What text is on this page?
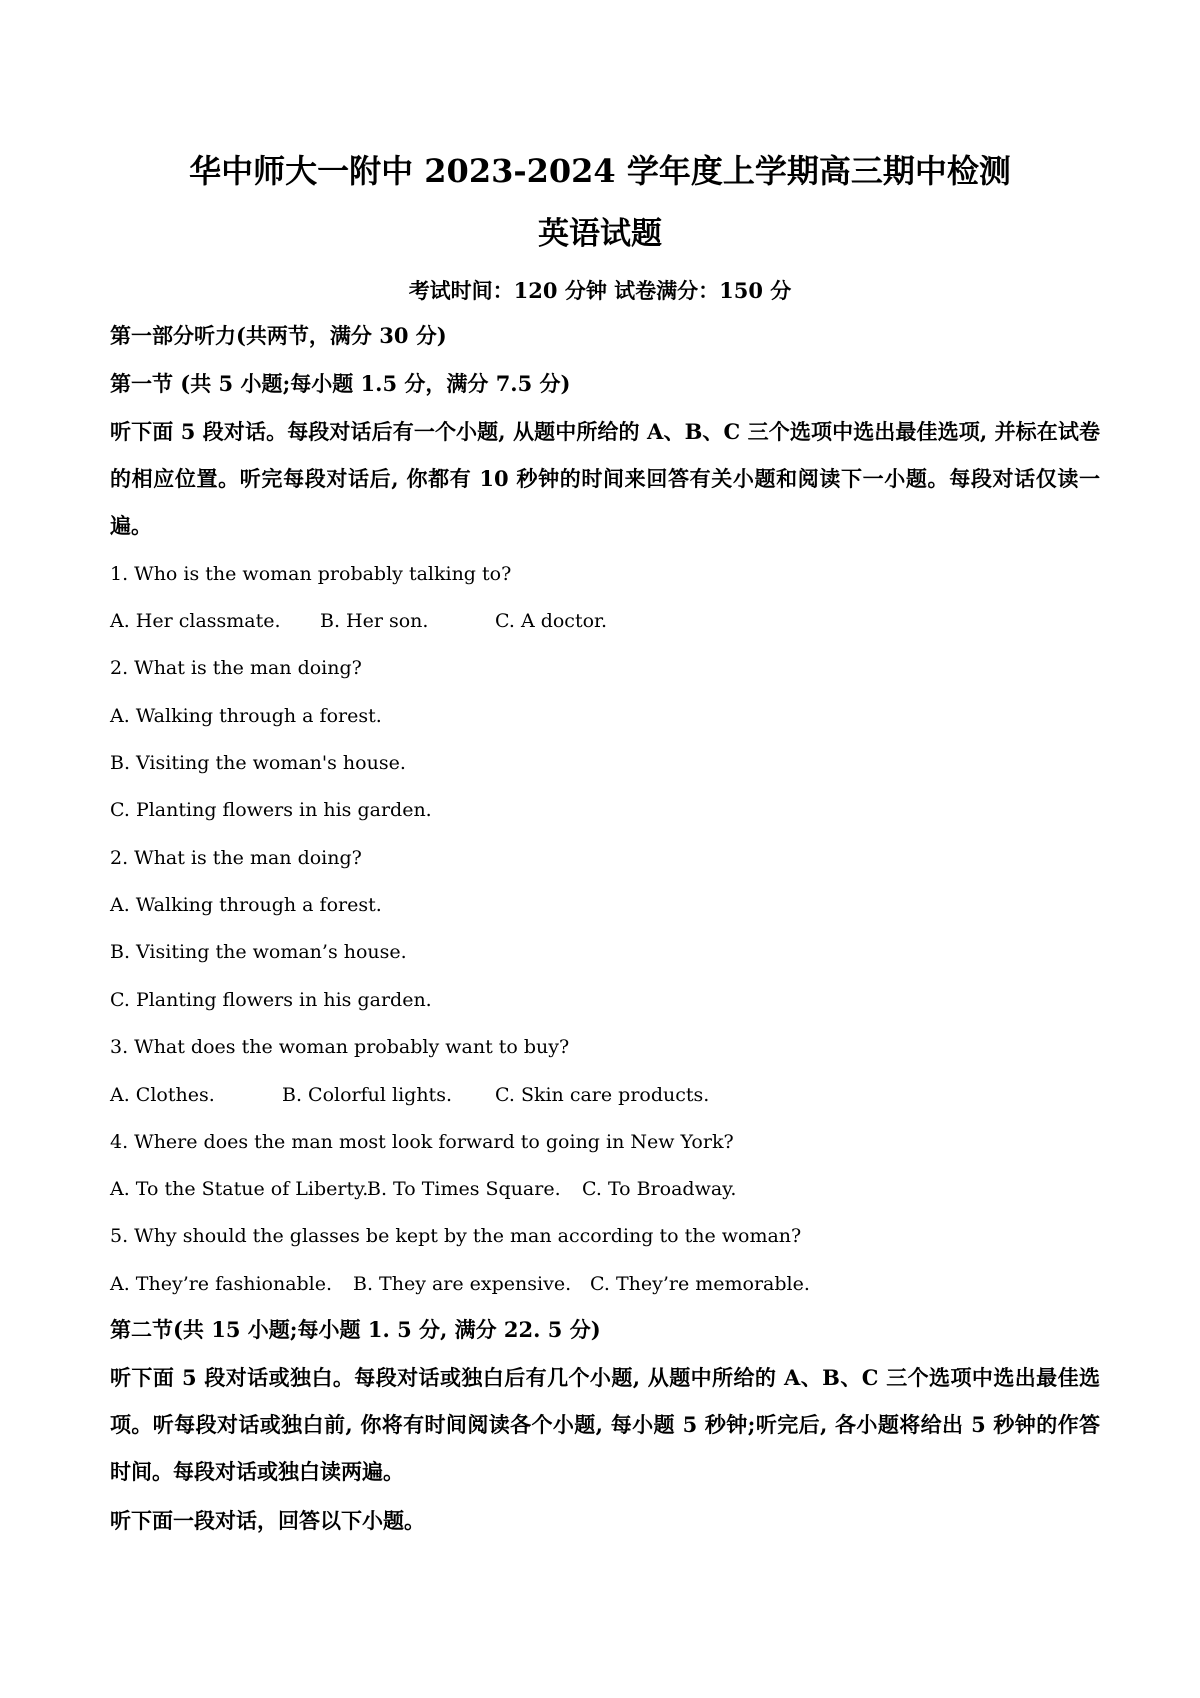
华中师大一附中 2023-2024 学年度上学期高三期中检测
英语试题
考试时间：120 分钟 试卷满分：150 分
第一部分听力(共两节，满分 30 分)
第一节 (共 5 小题;每小题 1.5 分，满分 7.5 分)
听下面 5 段对话。每段对话后有一个小题, 从题中所给的 A、B、C 三个选项中选出最佳选项, 并标在试卷的相应位置。听完每段对话后, 你都有 10 秒钟的时间来回答有关小题和阅读下一小题。每段对话仅读一遍。
1. Who is the woman probably talking to?
A. Her classmate. B. Her son.	C. A doctor.
2. What is the man doing?
A. Walking through a forest.
B. Visiting the woman's house.
C. Planting flowers in his garden.
2. What is the man doing?
A. Walking through a forest.
B. Visiting the woman’s house.
C. Planting flowers in his garden.
3. What does the woman probably want to buy?
A. Clothes.	B. Colorful lights. C. Skin care products.
4. Where does the man most look forward to going in New York?
A. To the Statue of Liberty.B. To Times Square. C. To Broadway.
5. Why should the glasses be kept by the man according to the woman?
A. They’re fashionable. B. They are expensive. C. They’re memorable.
第二节(共 15 小题;每小题 1. 5 分, 满分 22. 5 分)
听下面 5 段对话或独白。每段对话或独白后有几个小题, 从题中所给的 A、B、C 三个选项中选出最佳选项。听每段对话或独白前, 你将有时间阅读各个小题, 每小题 5 秒钟;听完后, 各小题将给出 5 秒钟的作答时间。每段对话或独白读两遍。
听下面一段对话，回答以下小题。
